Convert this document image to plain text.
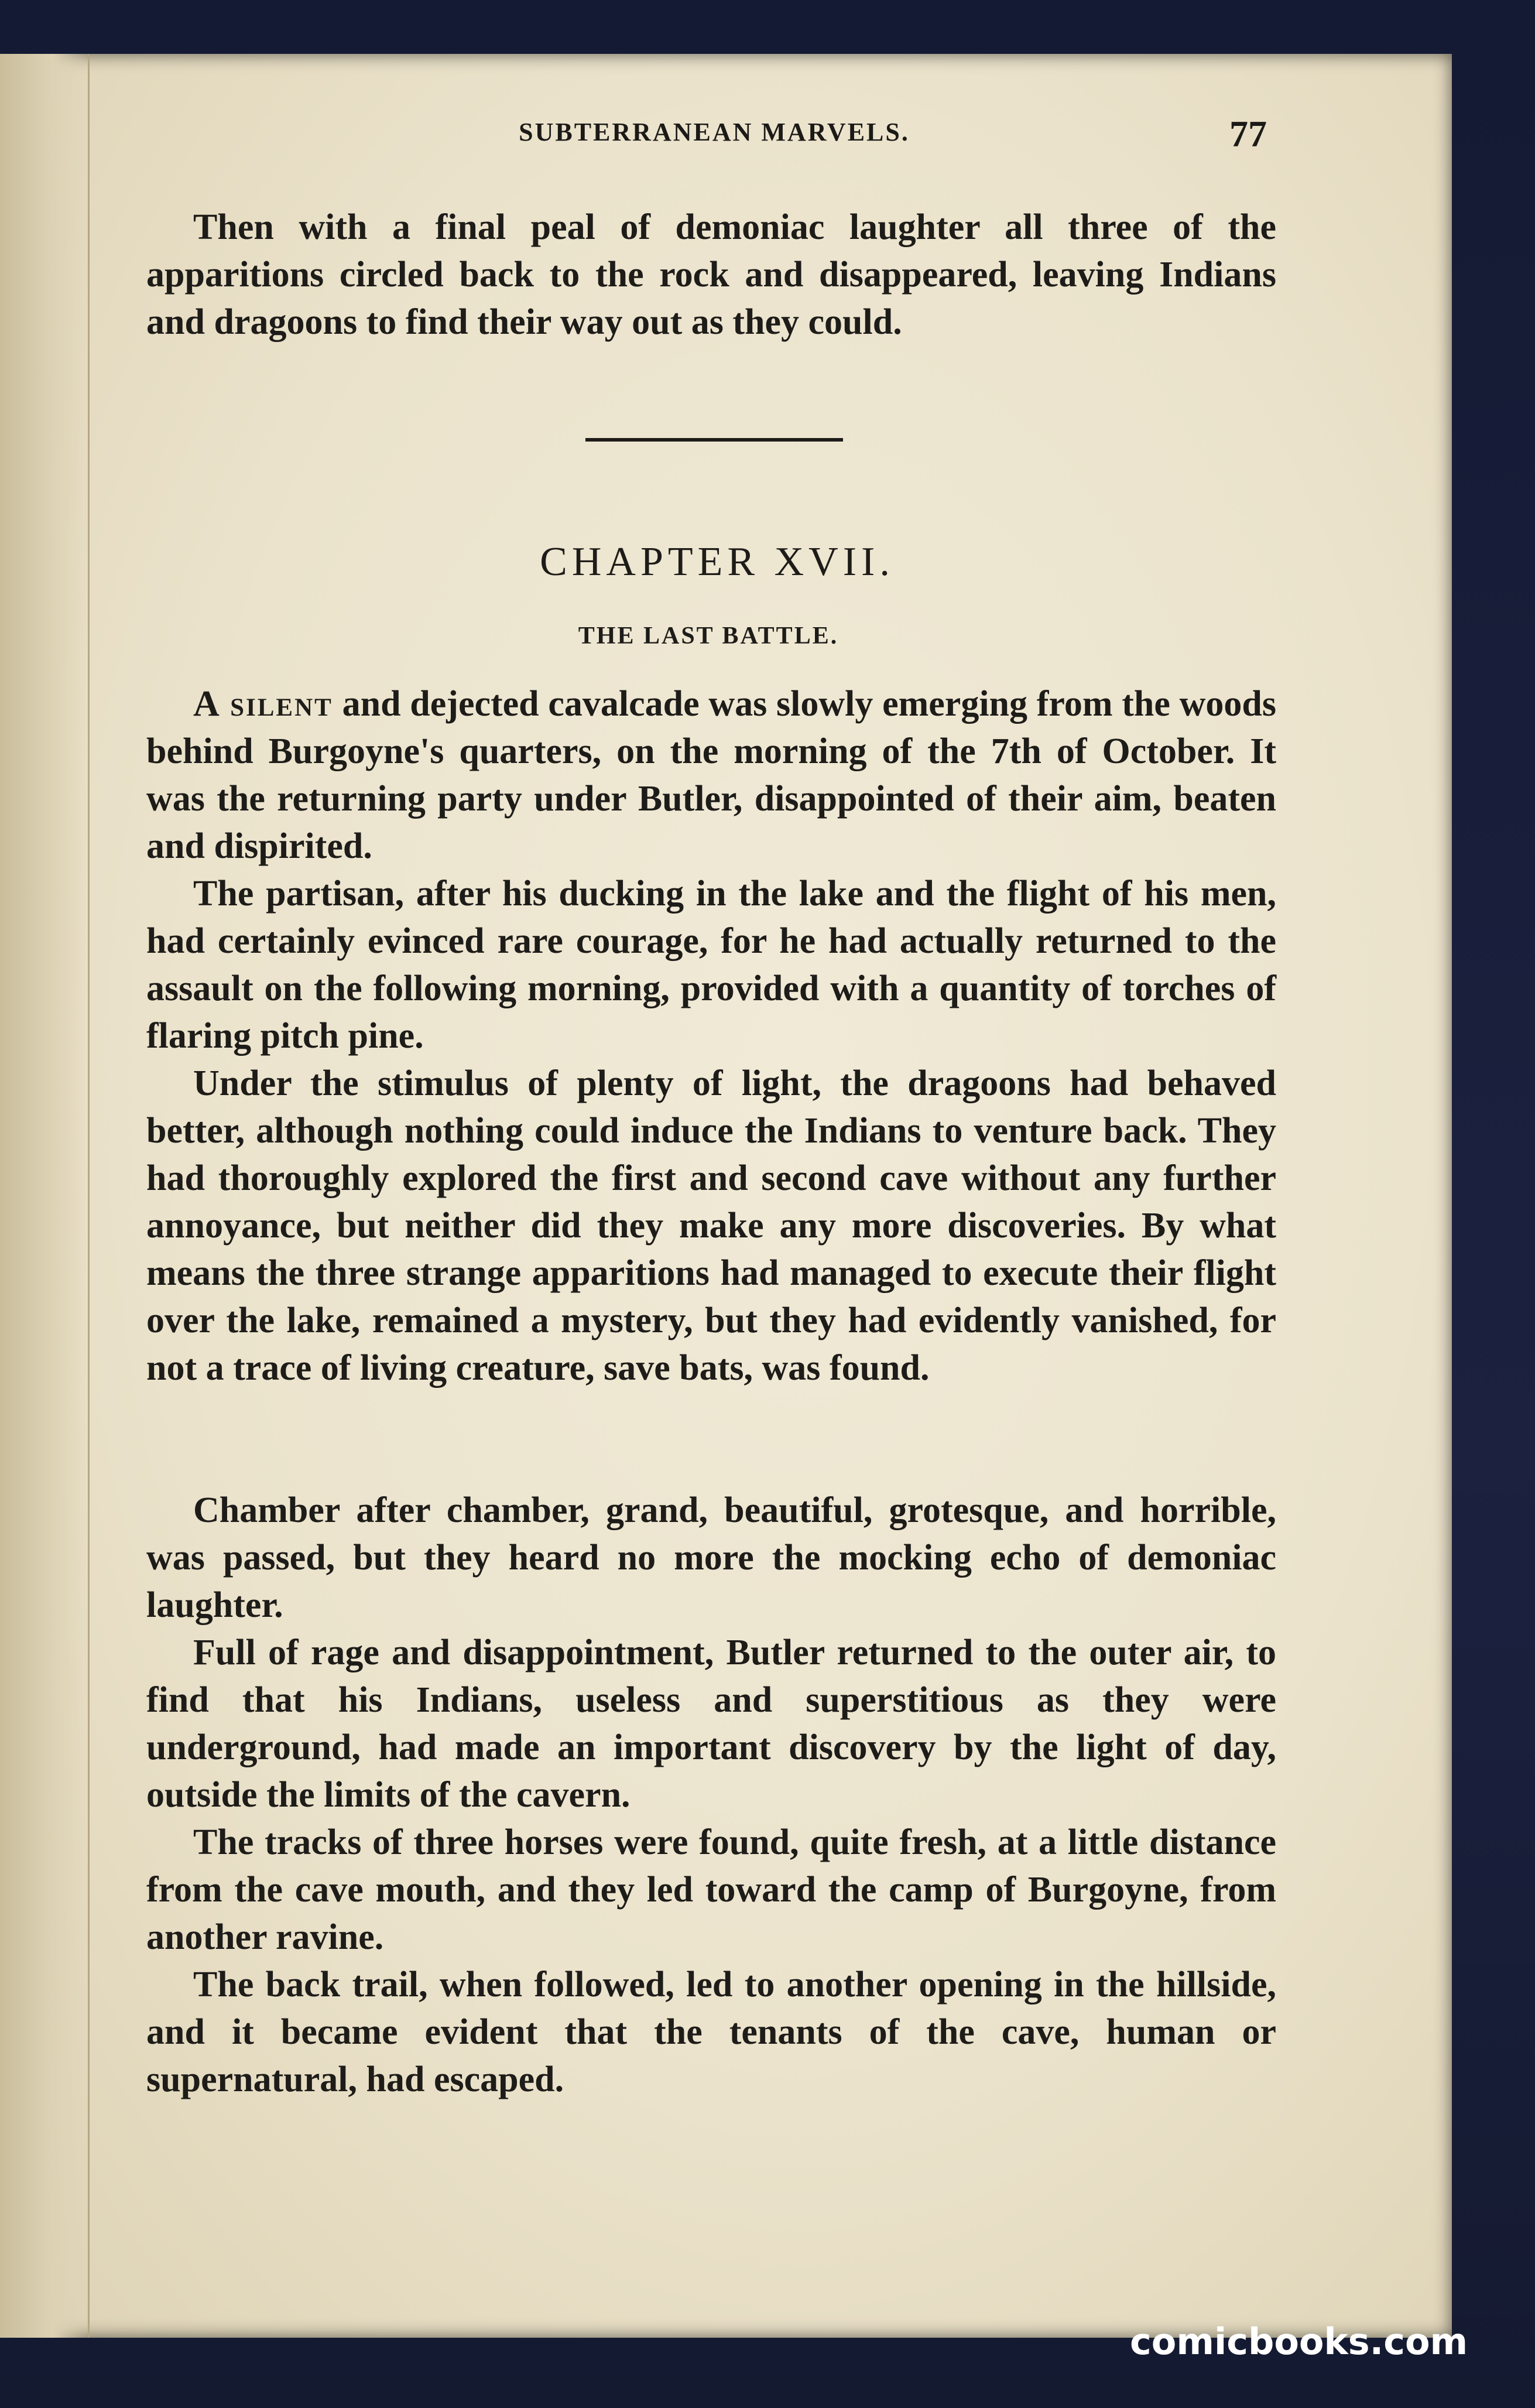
SUBTERRANEAN MARVELS.	77

Then with a final peal of demoniac laughter all three of the apparitions circled back to the rock and disappeared, leaving Indians and dragoons to find their way out as they could.

CHAPTER XVII.
THE LAST BATTLE.

A silent and dejected cavalcade was slowly emerging from the woods behind Burgoyne's quarters, on the morning of the 7th of October. It was the returning party under Butler, disappointed of their aim, beaten and dispirited.

The partisan, after his ducking in the lake and the flight of his men, had certainly evinced rare courage, for he had actually returned to the assault on the following morning, provided with a quantity of torches of flaring pitch pine.

Under the stimulus of plenty of light, the dragoons had behaved better, although nothing could induce the Indians to venture back. They had thoroughly explored the first and second cave without any further annoyance, but neither did they make any more discoveries. By what means the three strange apparitions had managed to execute their flight over the lake, remained a mystery, but they had evidently vanished, for not a trace of living creature, save bats, was found.

Chamber after chamber, grand, beautiful, grotesque, and horrible, was passed, but they heard no more the mocking echo of demoniac laughter.

Full of rage and disappointment, Butler returned to the outer air, to find that his Indians, useless and superstitious as they were underground, had made an important discovery by the light of day, outside the limits of the cavern.

The tracks of three horses were found, quite fresh, at a little distance from the cave mouth, and they led toward the camp of Burgoyne, from another ravine.

The back trail, when followed, led to another opening in the hillside, and it became evident that the tenants of the cave, human or supernatural, had escaped.

comicbooks.com
